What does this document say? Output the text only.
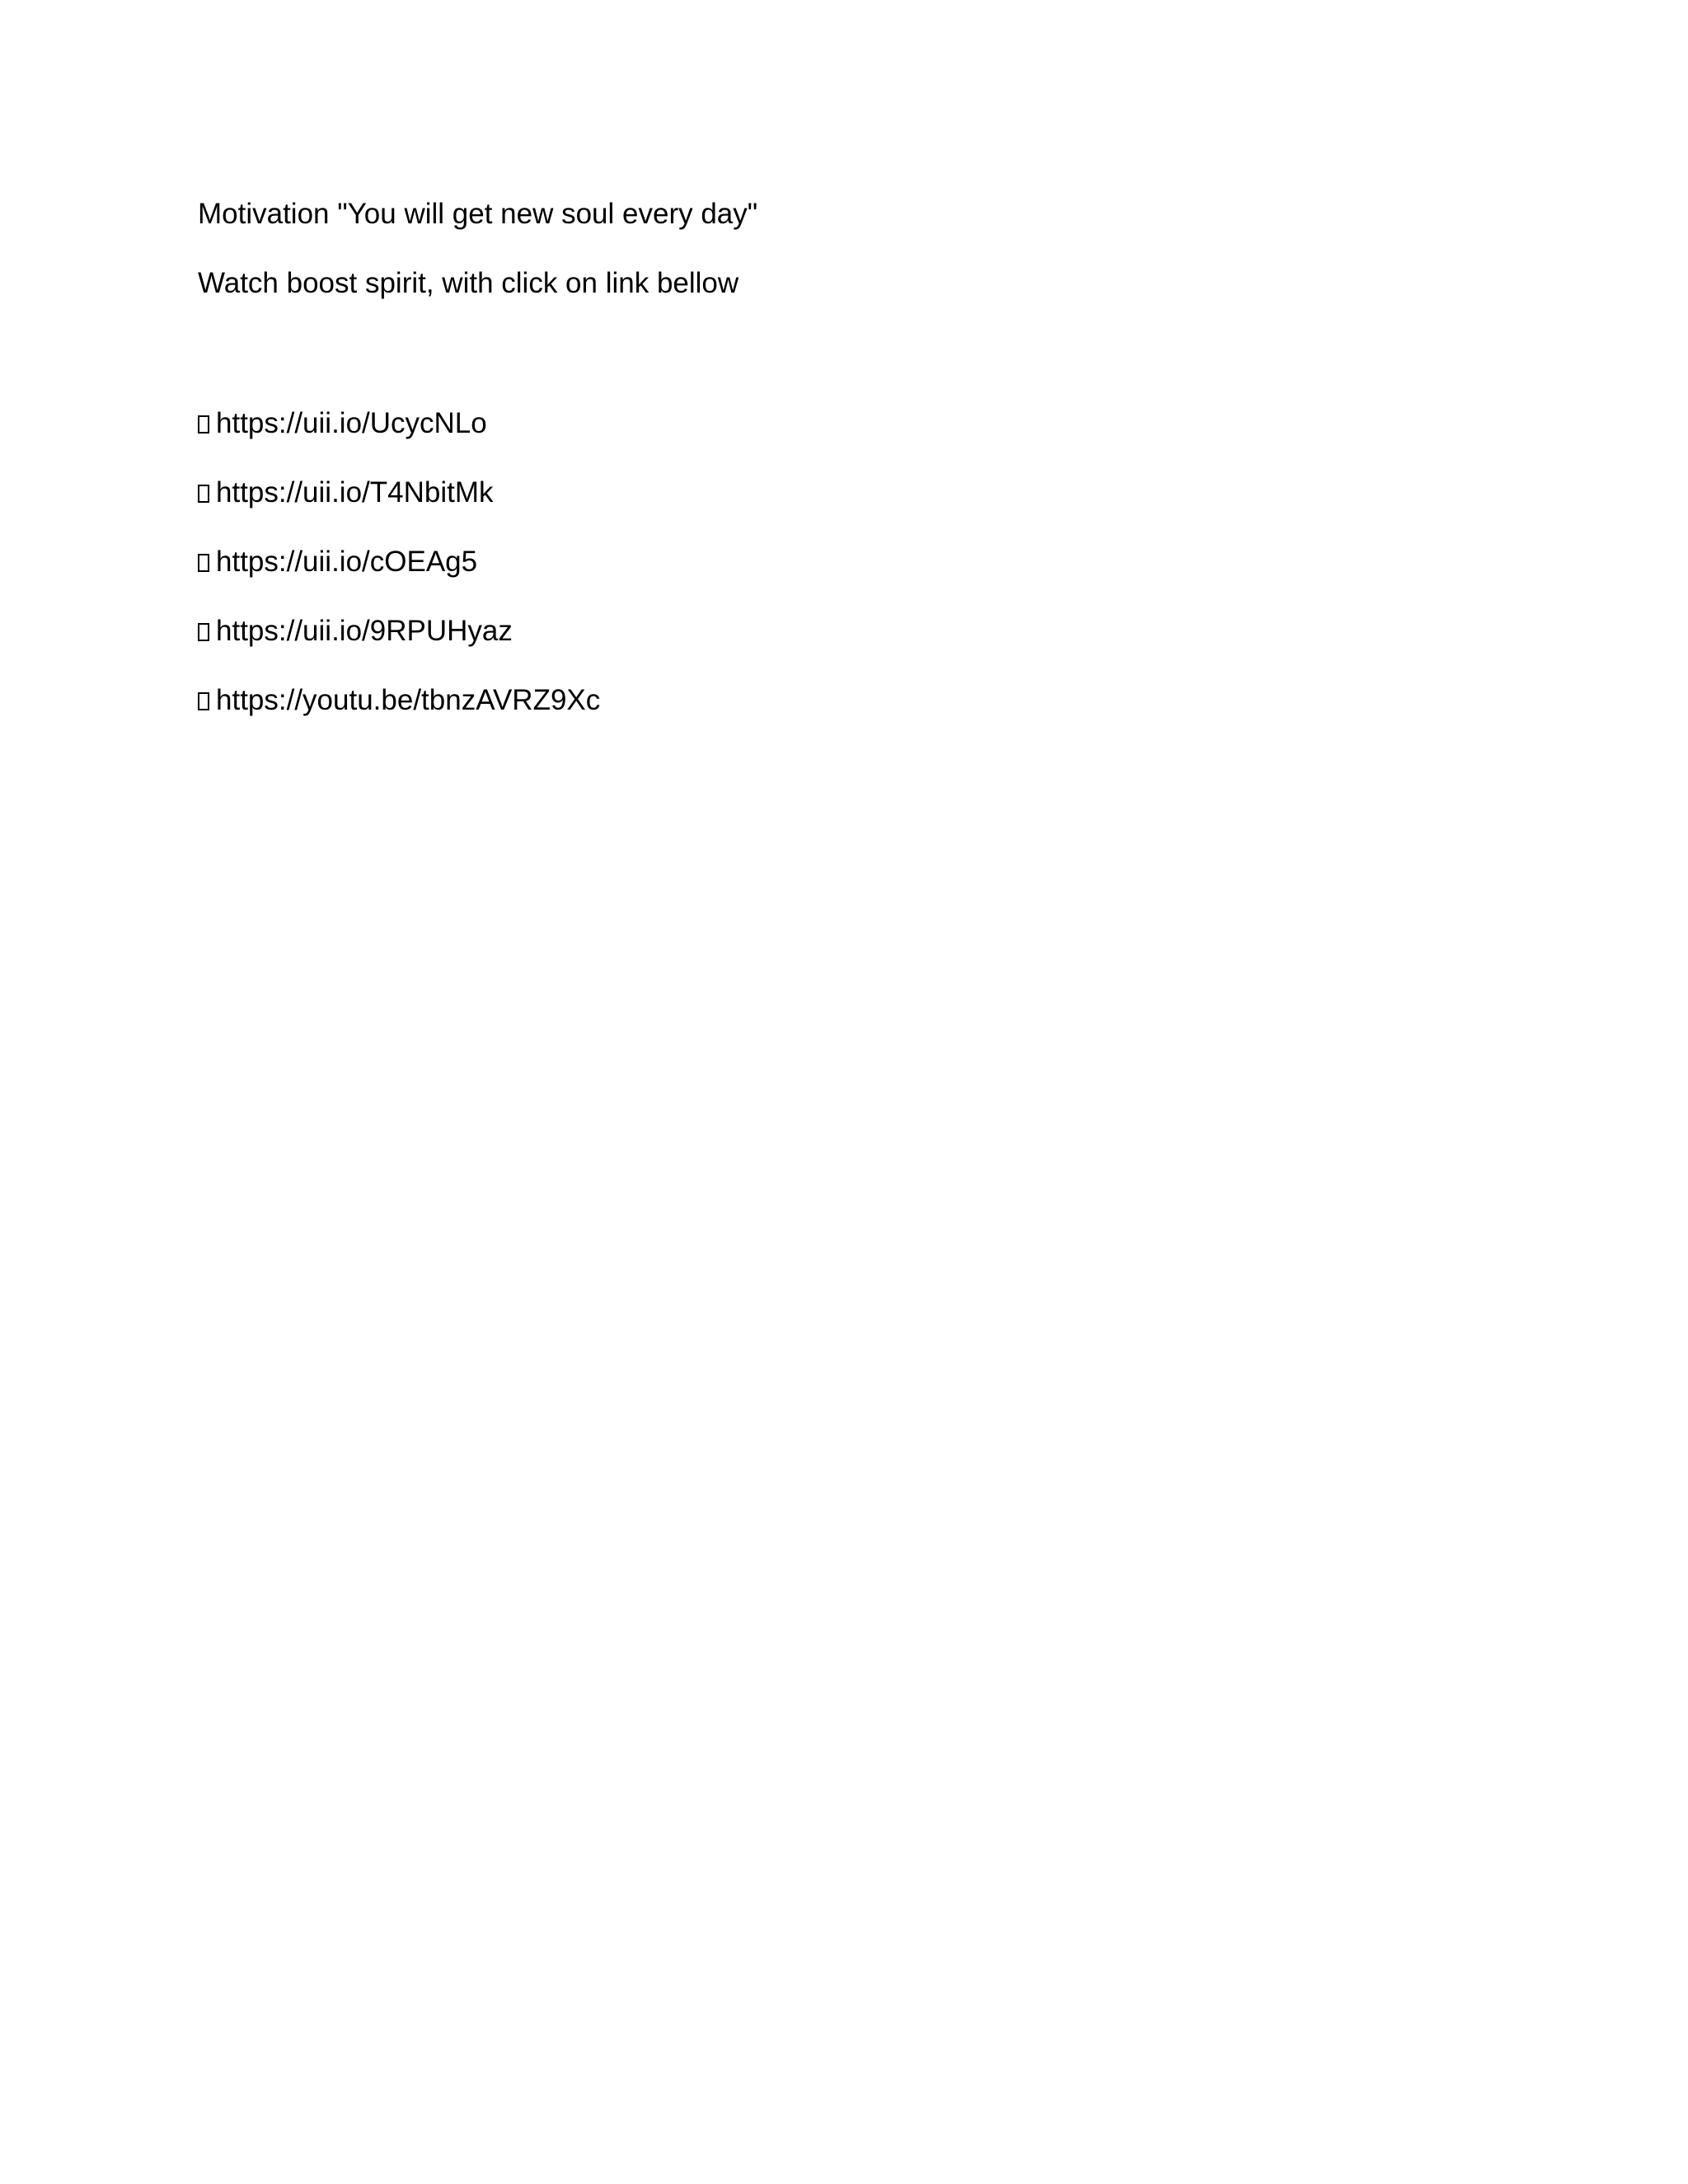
Motivation "You will get new soul every day"

Watch boost spirit, with click on link bellow

https://uii.io/UcycNLo
https://uii.io/T4NbitMk
https://uii.io/cOEAg5
https://uii.io/9RPUHyaz
https://youtu.be/tbnzAVRZ9Xc
